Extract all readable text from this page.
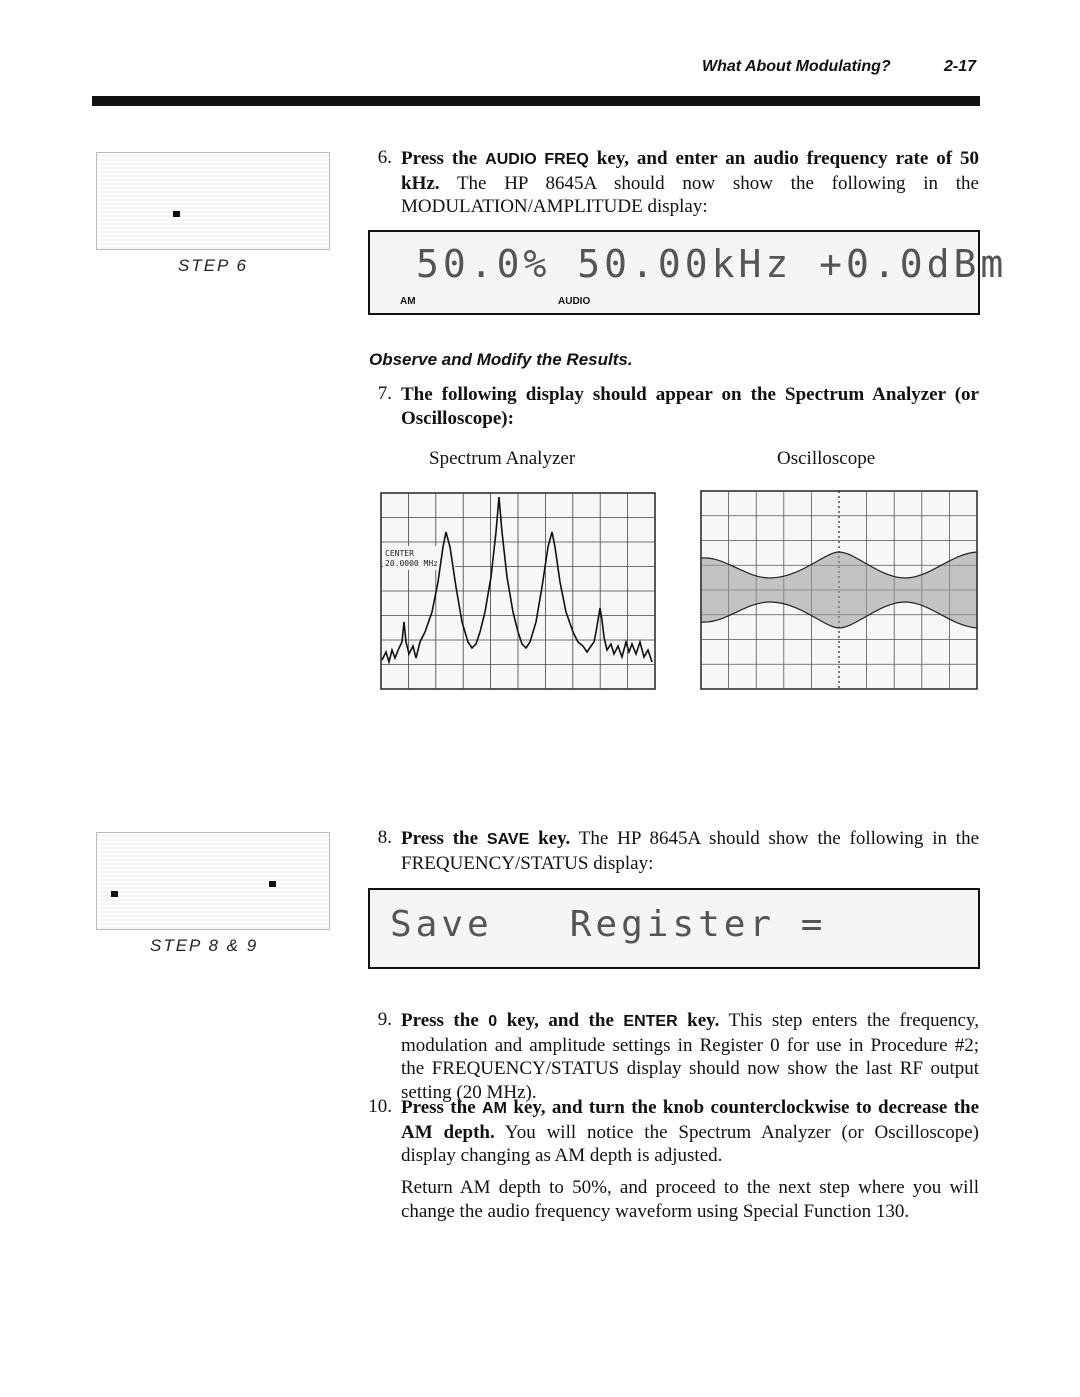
What About Modulating?	2-17
STEP 6
6. Press the AUDIO FREQ key, and enter an audio frequency rate of 50 kHz. The HP 8645A should now show the following in the MODULATION/AMPLITUDE display:
50.0% 50.00kHz +0.0dBm
AM	AUDIO
Observe and Modify the Results.
7. The following display should appear on the Spectrum Analyzer (or Oscilloscope):
Spectrum Analyzer	Oscilloscope
CENTER
20.0000 MHz
STEP 8 & 9
8. Press the SAVE key. The HP 8645A should show the following in the FREQUENCY/STATUS display:
Save   Register =
9. Press the 0 key, and the ENTER key. This step enters the frequency, modulation and amplitude settings in Register 0 for use in Procedure #2; the FREQUENCY/STATUS display should now show the last RF output setting (20 MHz).
10. Press the AM key, and turn the knob counterclockwise to decrease the AM depth. You will notice the Spectrum Analyzer (or Oscilloscope) display changing as AM depth is adjusted.
Return AM depth to 50%, and proceed to the next step where you will change the audio frequency waveform using Special Function 130.
